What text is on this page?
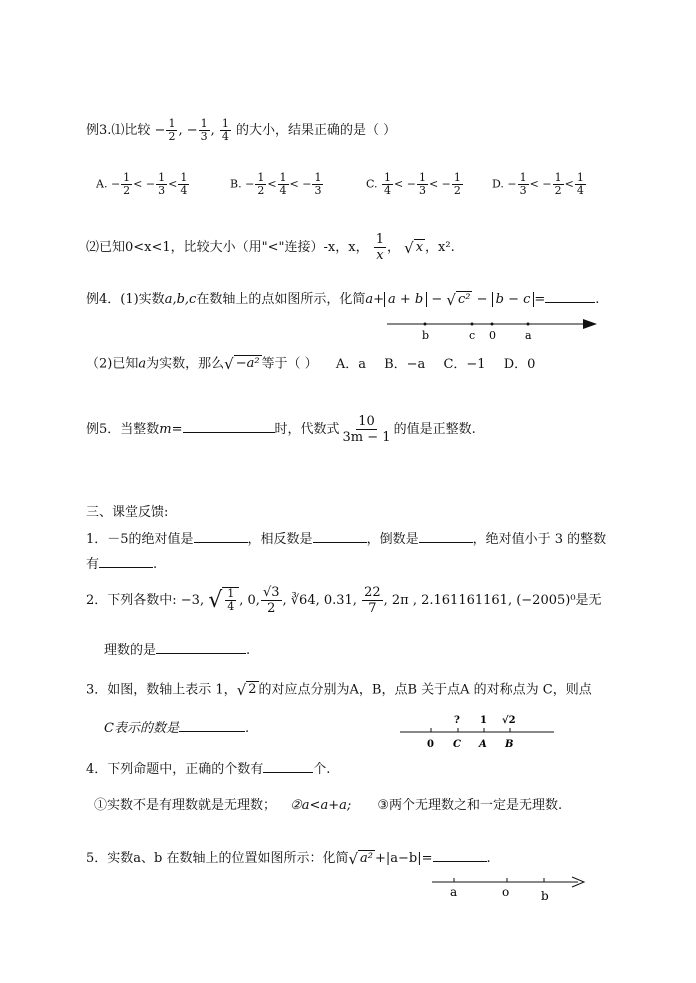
例3.⑴比较 − $\frac{1}{2}$ , − $\frac{1}{3}$ , $\frac{1}{4}$ 的大小，结果正确的是（ ）
A. − $\frac{1}{2}$ < − $\frac{1}{3} < \frac{1}{4}$	B. − $\frac{1}{2} < \frac{1}{4}$ < − $\frac{1}{3}$	C. $\frac{1}{4}$ < − $\frac{1}{3}$ < − $\frac{1}{2}$	D. − $\frac{1}{3}$ < − $\frac{1}{2} < \frac{1}{4}$
⑵已知0<x<1，比较大小（用"<"连接）-x，x， $\frac{1}{x}$ ， √ x ，x².
例4．(1)实数a,b,c在数轴上的点如图所示，化简a+ a + b − √ c² − b − c =	.
b	c 0	a
（2)已知a为实数，那么 √ −a² 等于（ ） A．a B．−a C．−1 D．0
例5．当整数m=	时，代数式 $\frac{10}{3m - 1}$ 的值是正整数.
三、课堂反馈:
1．－5的绝对值是	，相反数是	，倒数是	，绝对值小于 3 的整数
有	.
2．下列各数中: −3, √ $\frac{1}{4}$ , 0, $\frac{√3}{2}$ , ∛64, 0.31, $\frac{22}{7}$ , 2π , 2.161161161, (−2005)⁰是无
理数的是	.
3．如图，数轴上表示 1， √ 2 的对应点分别为A，B，点B 关于点A 的对称点为 C，则点
C表示的数是	.
? 1 √2
0 C A B
4．下列命题中，正确的个数有	个.
①实数不是有理数就是无理数； ②a<a+a; ③两个无理数之和一定是无理数.
5．实数a、b 在数轴上的位置如图所示：化简 √ a² +|a−b|=	.
a	o	b
